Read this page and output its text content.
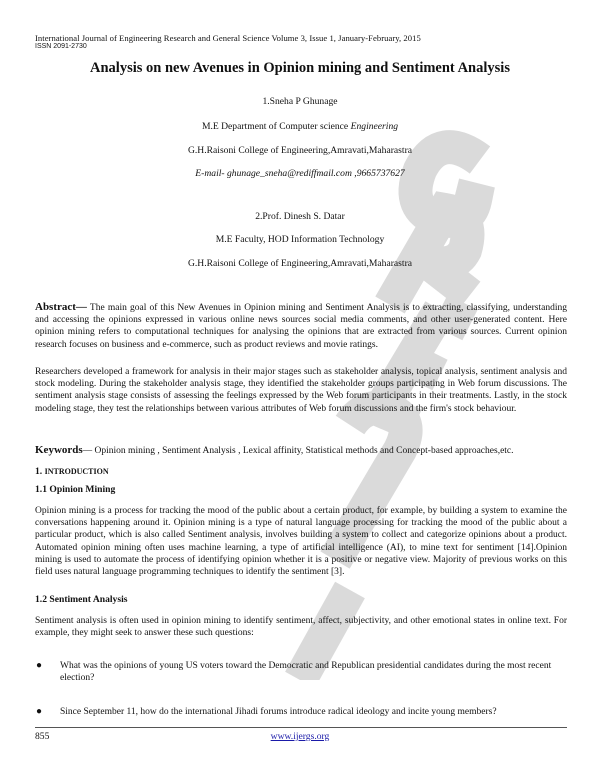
International Journal of Engineering Research and General Science Volume 3, Issue 1, January-February, 2015
ISSN 2091-2730
Analysis on new Avenues in Opinion mining and Sentiment Analysis
1.Sneha P Ghunage
M.E Department of Computer science Engineering
G.H.Raisoni College of Engineering,Amravati,Maharastra
E-mail- ghunage_sneha@rediffmail.com ,9665737627
2.Prof. Dinesh S. Datar
M.E Faculty, HOD Information Technology
G.H.Raisoni College of Engineering,Amravati,Maharastra

Abstract— The main goal of this New Avenues in Opinion mining and Sentiment Analysis is to extracting, classifying, understanding and accessing the opinions expressed in various online news sources social media comments, and other user-generated content. Here opinion mining refers to computational techniques for analysing the opinions that are extracted from various sources. Current opinion research focuses on business and e-commerce, such as product reviews and movie ratings.

Researchers developed a framework for analysis in their major stages such as stakeholder analysis, topical analysis, sentiment analysis and stock modeling. During the stakeholder analysis stage, they identified the stakeholder groups participating in Web forum discussions. The sentiment analysis stage consists of assessing the feelings expressed by the Web forum participants in their treatments. Lastly, in the stock modeling stage, they test the relationships between various attributes of Web forum discussions and the firm's stock behaviour.

Keywords— Opinion mining , Sentiment Analysis , Lexical affinity, Statistical methods and Concept-based approaches,etc.

1. INTRODUCTION
1.1 Opinion Mining

Opinion mining is a process for tracking the mood of the public about a certain product, for example, by building a system to examine the conversations happening around it. Opinion mining is a type of natural language processing for tracking the mood of the public about a particular product, which is also called Sentiment analysis, involves building a system to collect and categorize opinions about a product. Automated opinion mining often uses machine learning, a type of artificial intelligence (AI), to mine text for sentiment [14].Opinion mining is used to automate the process of identifying opinion whether it is a positive or negative view. Majority of previous works on this field uses natural language programming techniques to identify the sentiment [3].

1.2 Sentiment Analysis

Sentiment analysis is often used in opinion mining to identify sentiment, affect, subjectivity, and other emotional states in online text. For example, they might seek to answer these such questions:

● What was the opinions of young US voters toward the Democratic and Republican presidential candidates during the most recent election?
● Since September 11, how do the international Jihadi forums introduce radical ideology and incite young members?
855	www.ijergs.org
